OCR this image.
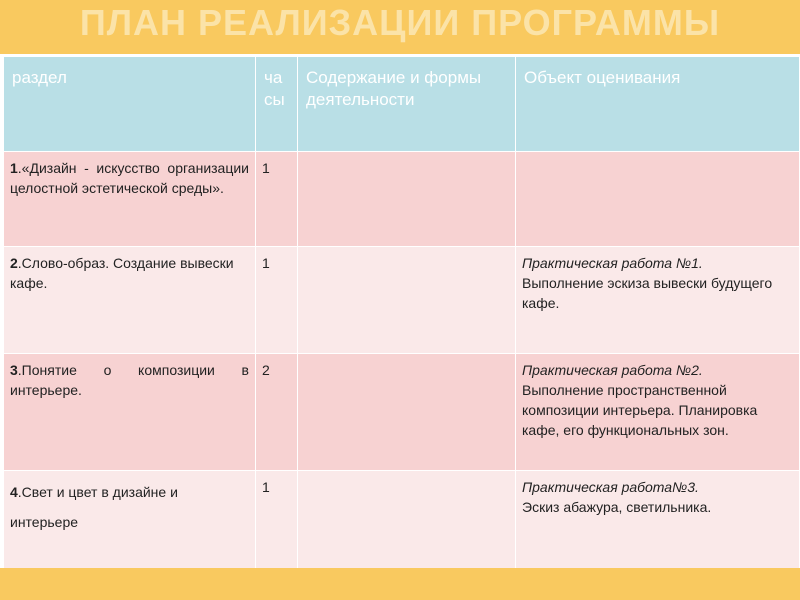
ПЛАН РЕАЛИЗАЦИИ ПРОГРАММЫ
раздел	ча сы	Содержание и формы деятельности	Объект оценивания
1.«Дизайн - искусство организации целостной эстетической среды».	1		

2.Слово-образ. Создание вывески кафе.	1		Практическая работа №1.
Выполнение эскиза вывески будущего кафе.
3.Понятие о композиции в интерьере.	2		Практическая работа №2.
Выполнение пространственной композиции интерьера. Планировка кафе, его функциональных зон.
4.Свет и цвет в дизайне и интерьере	1		Практическая работа№3.
Эскиз абажура, светильника.
